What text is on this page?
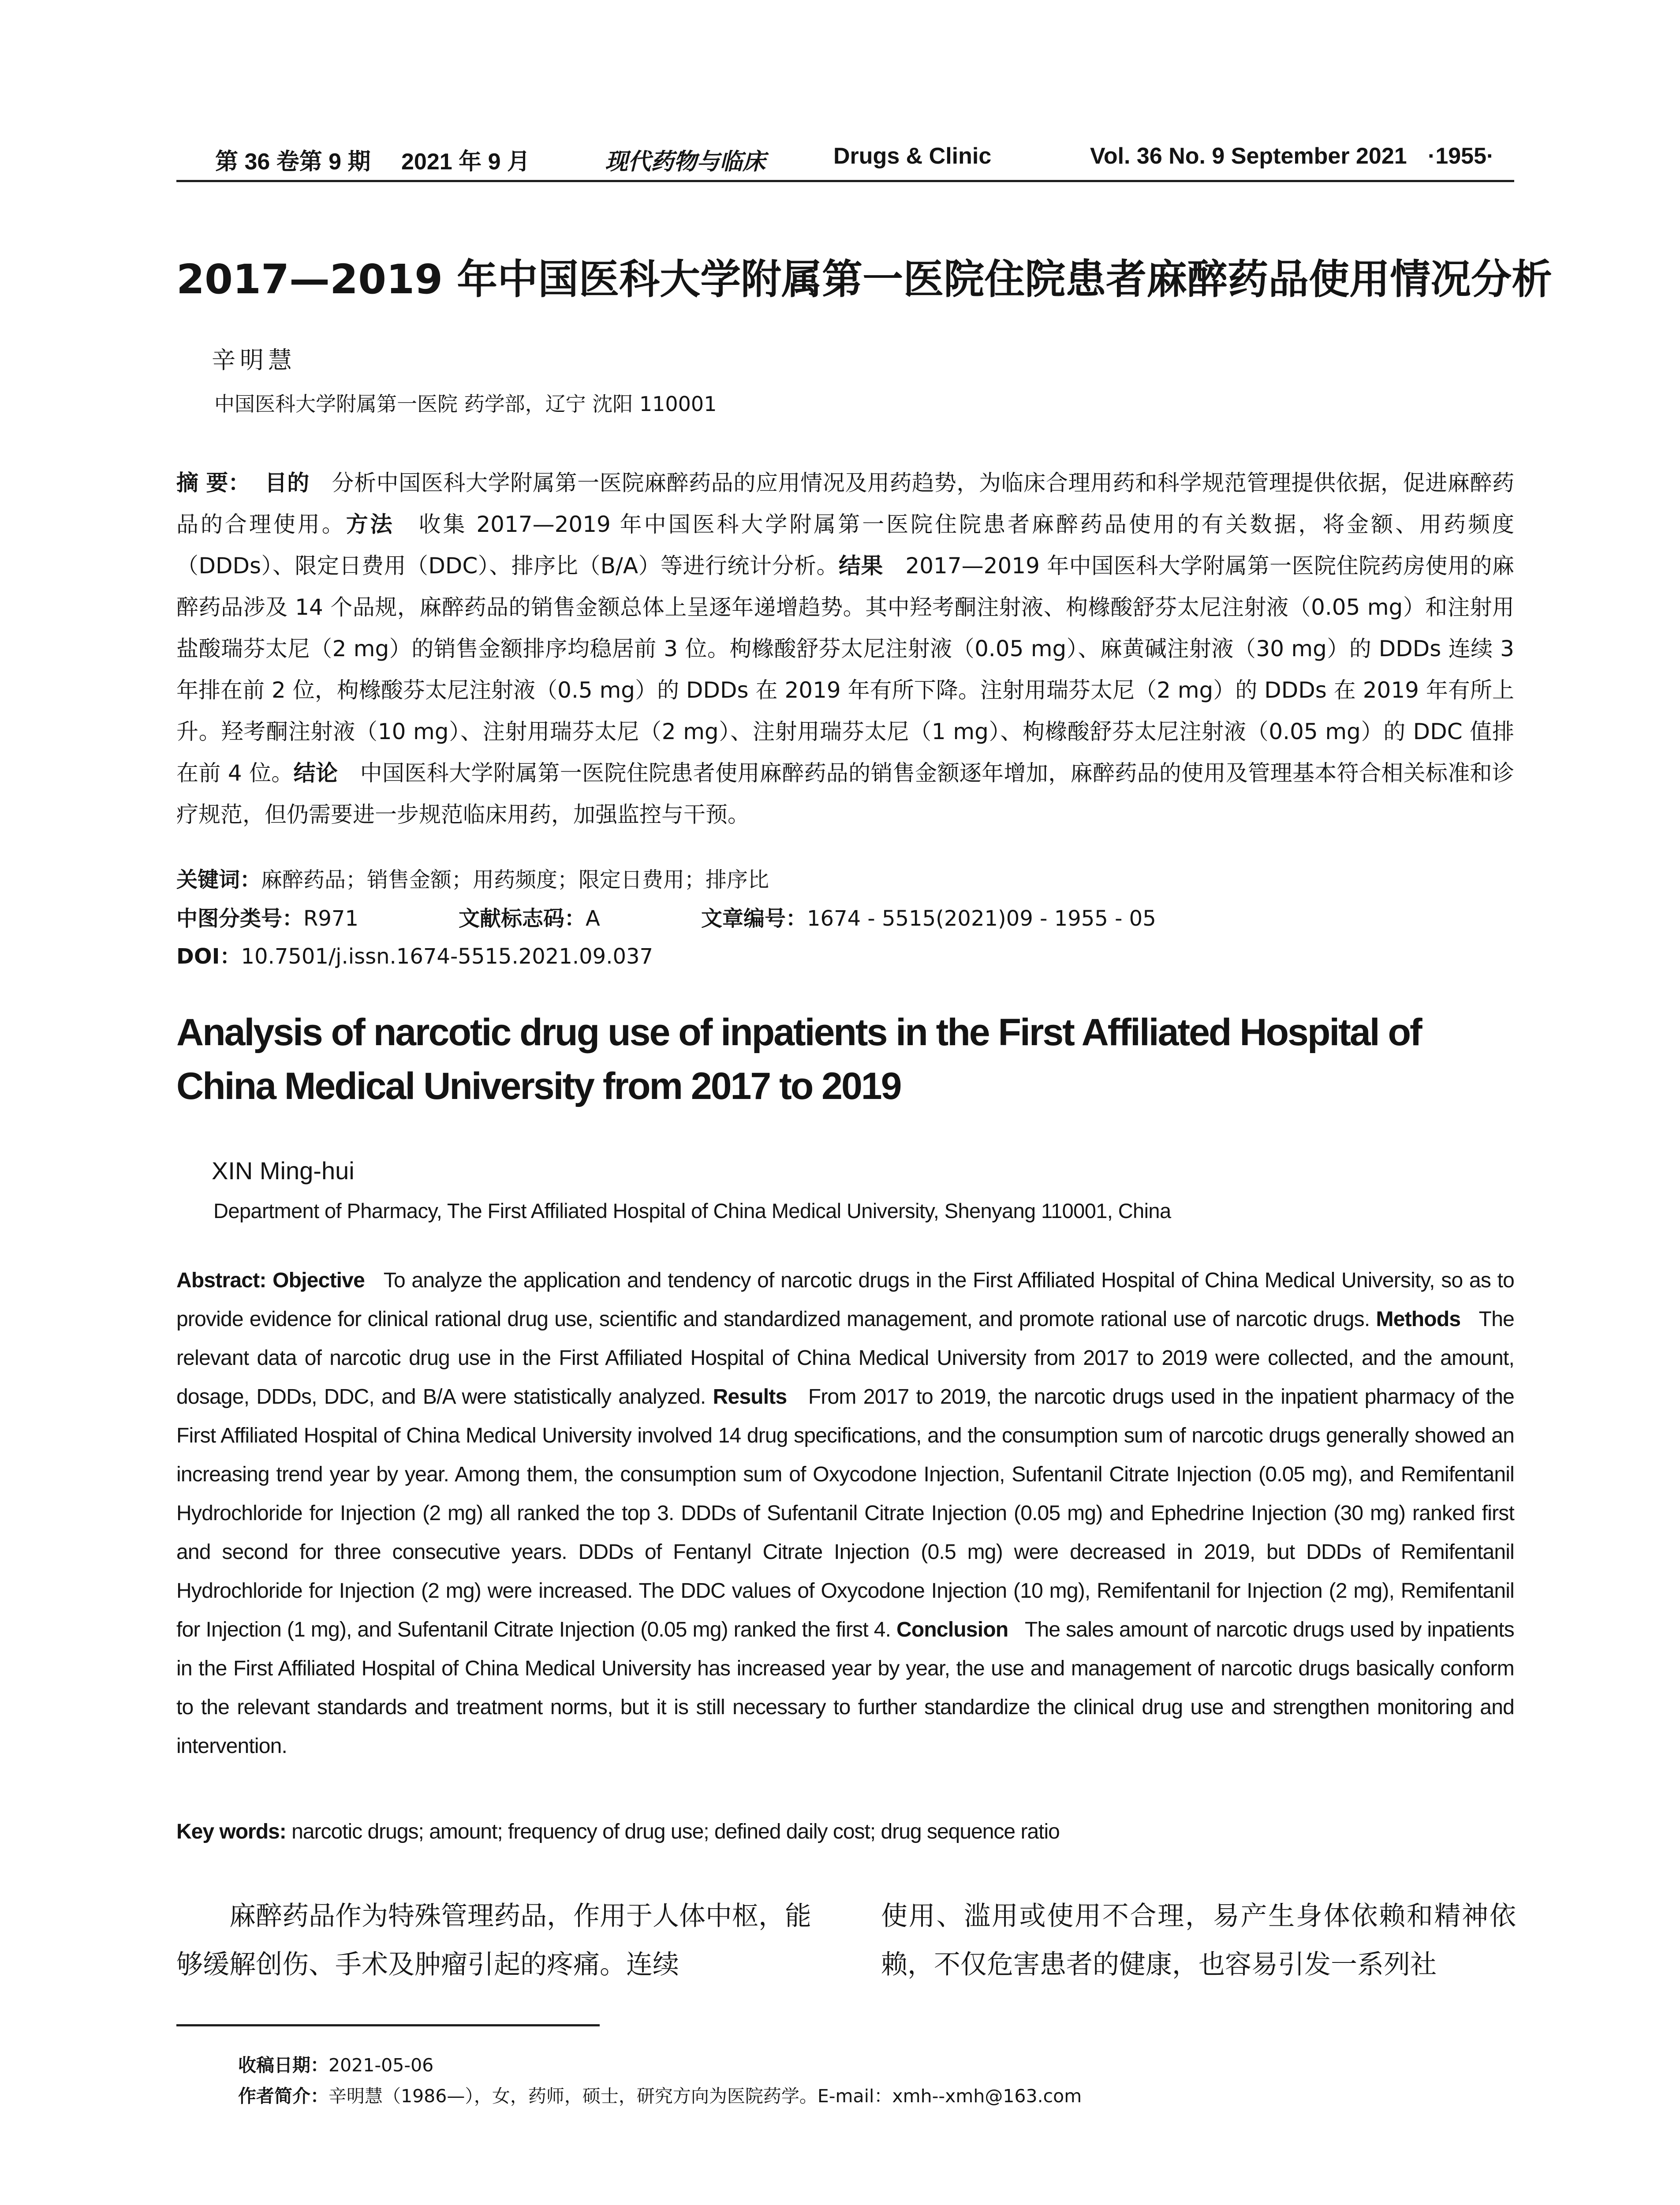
第 36 卷第 9 期 2021 年 9 月	现代药物与临床	Drugs & Clinic	Vol. 36 No. 9 September 2021 ·1955·
2017—2019 年中国医科大学附属第一医院住院患者麻醉药品使用情况分析
辛明慧
中国医科大学附属第一医院 药学部，辽宁 沈阳 110001

摘 要： 目的　 分析中国医科大学附属第一医院麻醉药品的应用情况及用药趋势，为临床合理用药和科学规范管理提供依据，促进麻醉药品的合理使用。方法　 收集 2017—2019 年中国医科大学附属第一医院住院患者麻醉药品使用的有关数据，将金额、用药频度（DDDs）、限定日费用（DDC）、排序比（B/A）等进行统计分析。结果　 2017—2019 年中国医科大学附属第一医院住院药房使用的麻醉药品涉及 14 个品规，麻醉药品的销售金额总体上呈逐年递增趋势。其中羟考酮注射液、枸橼酸舒芬太尼注射液（0.05 mg）和注射用盐酸瑞芬太尼（2 mg）的销售金额排序均稳居前 3 位。枸橼酸舒芬太尼注射液（0.05 mg）、麻黄碱注射液（30 mg）的 DDDs 连续 3 年排在前 2 位，枸橼酸芬太尼注射液（0.5 mg）的 DDDs 在 2019 年有所下降。注射用瑞芬太尼（2 mg）的 DDDs 在 2019 年有所上升。羟考酮注射液（10 mg）、注射用瑞芬太尼（2 mg）、注射用瑞芬太尼（1 mg）、枸橼酸舒芬太尼注射液（0.05 mg）的 DDC 值排在前 4 位。结论　 中国医科大学附属第一医院住院患者使用麻醉药品的销售金额逐年增加，麻醉药品的使用及管理基本符合相关标准和诊疗规范，但仍需要进一步规范临床用药，加强监控与干预。

关键词：麻醉药品；销售金额；用药频度；限定日费用；排序比
中图分类号：R971	文献标志码：A	文章编号：1674 - 5515(2021)09 - 1955 - 05
DOI：10.7501/j.issn.1674-5515.2021.09.037

Analysis of narcotic drug use of inpatients in the First Affiliated Hospital of China Medical University from 2017 to 2019

XIN Ming-hui
Department of Pharmacy, The First Affiliated Hospital of China Medical University, Shenyang 110001, China

Abstract: Objective To analyze the application and tendency of narcotic drugs in the First Affiliated Hospital of China Medical University, so as to provide evidence for clinical rational drug use, scientific and standardized management, and promote rational use of narcotic drugs. Methods The relevant data of narcotic drug use in the First Affiliated Hospital of China Medical University from 2017 to 2019 were collected, and the amount, dosage, DDDs, DDC, and B/A were statistically analyzed. Results From 2017 to 2019, the narcotic drugs used in the inpatient pharmacy of the First Affiliated Hospital of China Medical University involved 14 drug specifications, and the consumption sum of narcotic drugs generally showed an increasing trend year by year. Among them, the consumption sum of Oxycodone Injection, Sufentanil Citrate Injection (0.05 mg), and Remifentanil Hydrochloride for Injection (2 mg) all ranked the top 3. DDDs of Sufentanil Citrate Injection (0.05 mg) and Ephedrine Injection (30 mg) ranked first and second for three consecutive years. DDDs of Fentanyl Citrate Injection (0.5 mg) were decreased in 2019, but DDDs of Remifentanil Hydrochloride for Injection (2 mg) were increased. The DDC values of Oxycodone Injection (10 mg), Remifentanil for Injection (2 mg), Remifentanil for Injection (1 mg), and Sufentanil Citrate Injection (0.05 mg) ranked the first 4. Conclusion The sales amount of narcotic drugs used by inpatients in the First Affiliated Hospital of China Medical University has increased year by year, the use and management of narcotic drugs basically conform to the relevant standards and treatment norms, but it is still necessary to further standardize the clinical drug use and strengthen monitoring and intervention.

Key words: narcotic drugs; amount; frequency of drug use; defined daily cost; drug sequence ratio

麻醉药品作为特殊管理药品，作用于人体中枢，能够缓解创伤、手术及肿瘤引起的疼痛。连续

使用、滥用或使用不合理，易产生身体依赖和精神依赖，不仅危害患者的健康，也容易引发一系列社

收稿日期：2021-05-06
作者简介：辛明慧（1986—），女，药师，硕士，研究方向为医院药学。E-mail：xmh--xmh@163.com
